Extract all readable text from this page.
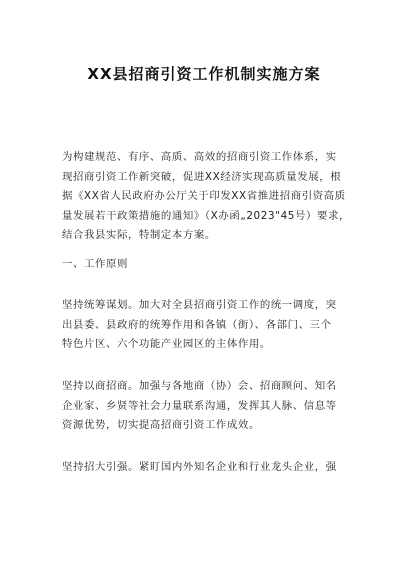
XX县招商引资工作机制实施方案
为构建规范、有序、高质、高效的招商引资工作体系，实
现招商引资工作新突破，促进XX经济实现高质量发展，根
据《XX省人民政府办公厅关于印发XX省推进招商引资高质
量发展若干政策措施的通知》（X办函„2023"45号）要求，
结合我县实际，特制定本方案。
一、工作原则
坚持统筹谋划。加大对全县招商引资工作的统一调度，突
出县委、县政府的统筹作用和各镇（街）、各部门、三个
特色片区、六个功能产业园区的主体作用。
坚持以商招商。加强与各地商（协）会、招商顾问、知名
企业家、乡贤等社会力量联系沟通，发挥其人脉、信息等
资源优势，切实提高招商引资工作成效。
坚持招大引强。紧盯国内外知名企业和行业龙头企业，强
